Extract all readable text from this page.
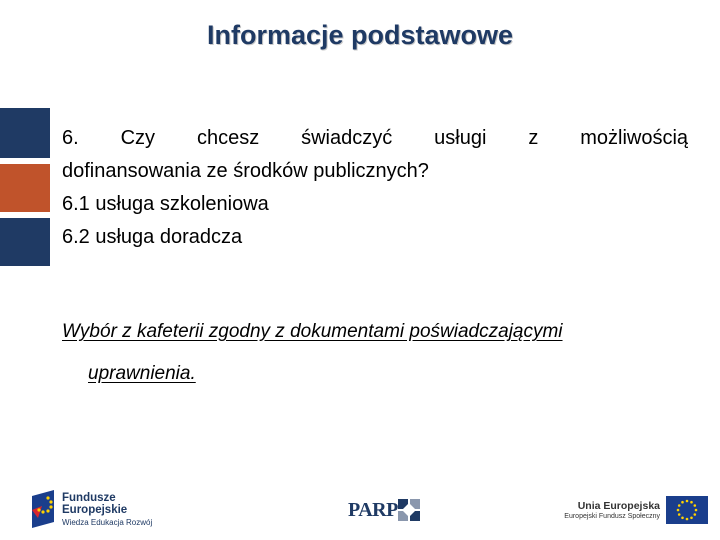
Informacje podstawowe
6. Czy chcesz świadczyć usługi z możliwością
dofinansowania ze środków publicznych?
6.1 usługa szkoleniowa
6.2 usługa doradcza
Wybór z kafeterii zgodny z dokumentami poświadczającymi
uprawnienia.
Fundusze
Europejskie
Wiedza Edukacja Rozwój
PARP	Unia Europejska
Europejski Fundusz Społeczny
